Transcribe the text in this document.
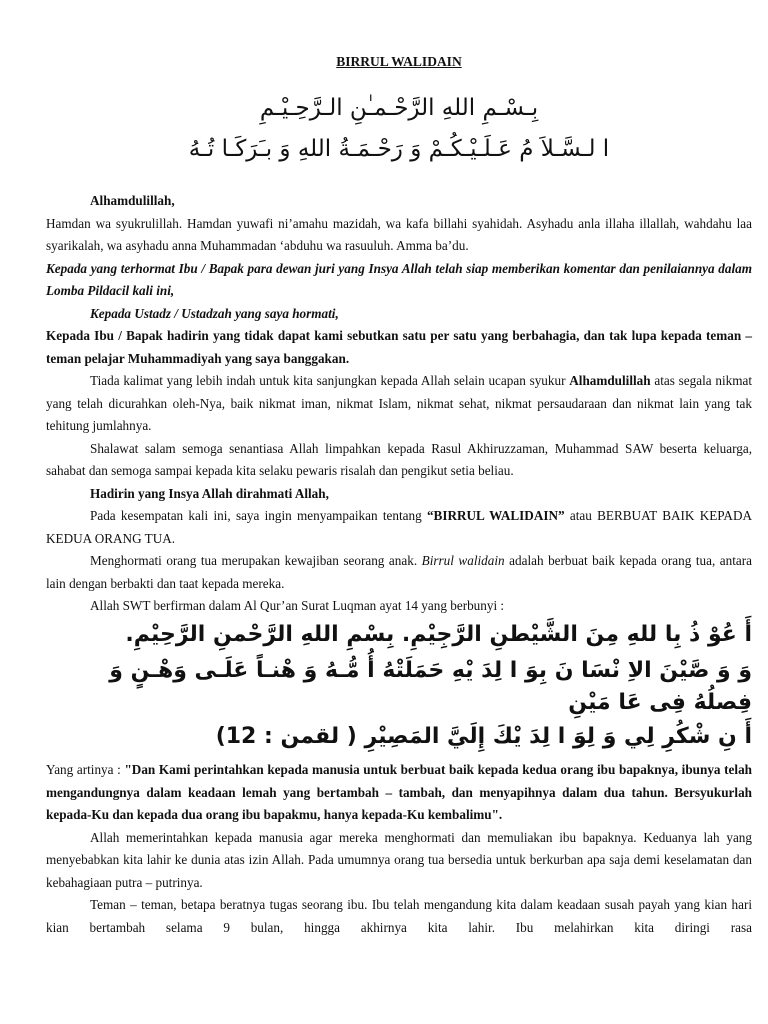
BIRRUL WALIDAIN
بِـسْـمِ اللهِ الرَّحْـمـٰنِ الـرَّحِـيْـمِ
ا لـسَّـلاَ مُ عَـلَـيْـكُـمْ وَ رَحْـمَـةُ اللهِ وَ بـَرَكَـا تُـهُ

Alhamdulillah,

Hamdan wa syukrulillah. Hamdan yuwafi ni’amahu mazidah, wa kafa billahi syahidah. Asyhadu anla illaha illallah, wahdahu laa syarikalah, wa asyhadu anna Muhammadan ‘abduhu wa rasuuluh. Amma ba’du.

Kepada yang terhormat Ibu / Bapak para dewan juri yang Insya Allah telah siap memberikan komentar dan penilaiannya dalam Lomba Pildacil kali ini,

Kepada Ustadz / Ustadzah yang saya hormati,

Kepada Ibu / Bapak hadirin yang tidak dapat kami sebutkan satu per satu yang berbahagia, dan tak lupa kepada teman – teman pelajar Muhammadiyah yang saya banggakan.

Tiada kalimat yang lebih indah untuk kita sanjungkan kepada Allah selain ucapan syukur Alhamdulillah atas segala nikmat yang telah dicurahkan oleh-Nya, baik nikmat iman, nikmat Islam, nikmat sehat, nikmat persaudaraan dan nikmat lain yang tak tehitung jumlahnya.

Shalawat salam semoga senantiasa Allah limpahkan kepada Rasul Akhiruzzaman, Muhammad SAW beserta keluarga, sahabat dan semoga sampai kepada kita selaku pewaris risalah dan pengikut setia beliau.

Hadirin yang Insya Allah dirahmati Allah,

Pada kesempatan kali ini, saya ingin menyampaikan tentang “BIRRUL WALIDAIN” atau BERBUAT BAIK KEPADA KEDUA ORANG TUA.

Menghormati orang tua merupakan kewajiban seorang anak. Birrul walidain adalah berbuat baik kepada orang tua, antara lain dengan berbakti dan taat kepada mereka.

Allah SWT berfirman dalam Al Qur’an Surat Luqman ayat 14 yang berbunyi :

أَ عُوْ ذُ بِا للهِ مِنَ الشَّيْطنِ الرَّجِيْمِ. بِسْمِ اللهِ الرَّحْمنِ الرَّحِيْمِ.
وَ وَ صَّيْنَ الاِ نْسَا نَ بِوَ ا لِدَ يْهِ حَمَلَتْهُ أُ مُّـهُ وَ هْنـاً عَلَـى وَهْـنٍ وَ
فِصلُهُ فِى عَا مَيْنِ
أَ نِ شْكُرِ لِي وَ لِوَ ا لِدَ يْكَ إِلَيَّ المَصِيْرِ ( لقمن : 12)

Yang artinya : "Dan Kami perintahkan kepada manusia untuk berbuat baik kepada kedua orang ibu bapaknya, ibunya telah mengandungnya dalam keadaan lemah yang bertambah – tambah, dan menyapihnya dalam dua tahun. Bersyukurlah kepada-Ku dan kepada dua orang ibu bapakmu, hanya kepada-Ku kembalimu".

Allah memerintahkan kepada manusia agar mereka menghormati dan memuliakan ibu bapaknya. Keduanya lah yang menyebabkan kita lahir ke dunia atas izin Allah. Pada umumnya orang tua bersedia untuk berkurban apa saja demi keselamatan dan kebahagiaan putra – putrinya.

Teman – teman, betapa beratnya tugas seorang ibu. Ibu telah mengandung kita dalam keadaan susah payah yang kian hari kian bertambah selama 9 bulan, hingga akhirnya kita lahir. Ibu melahirkan kita diringi rasa
